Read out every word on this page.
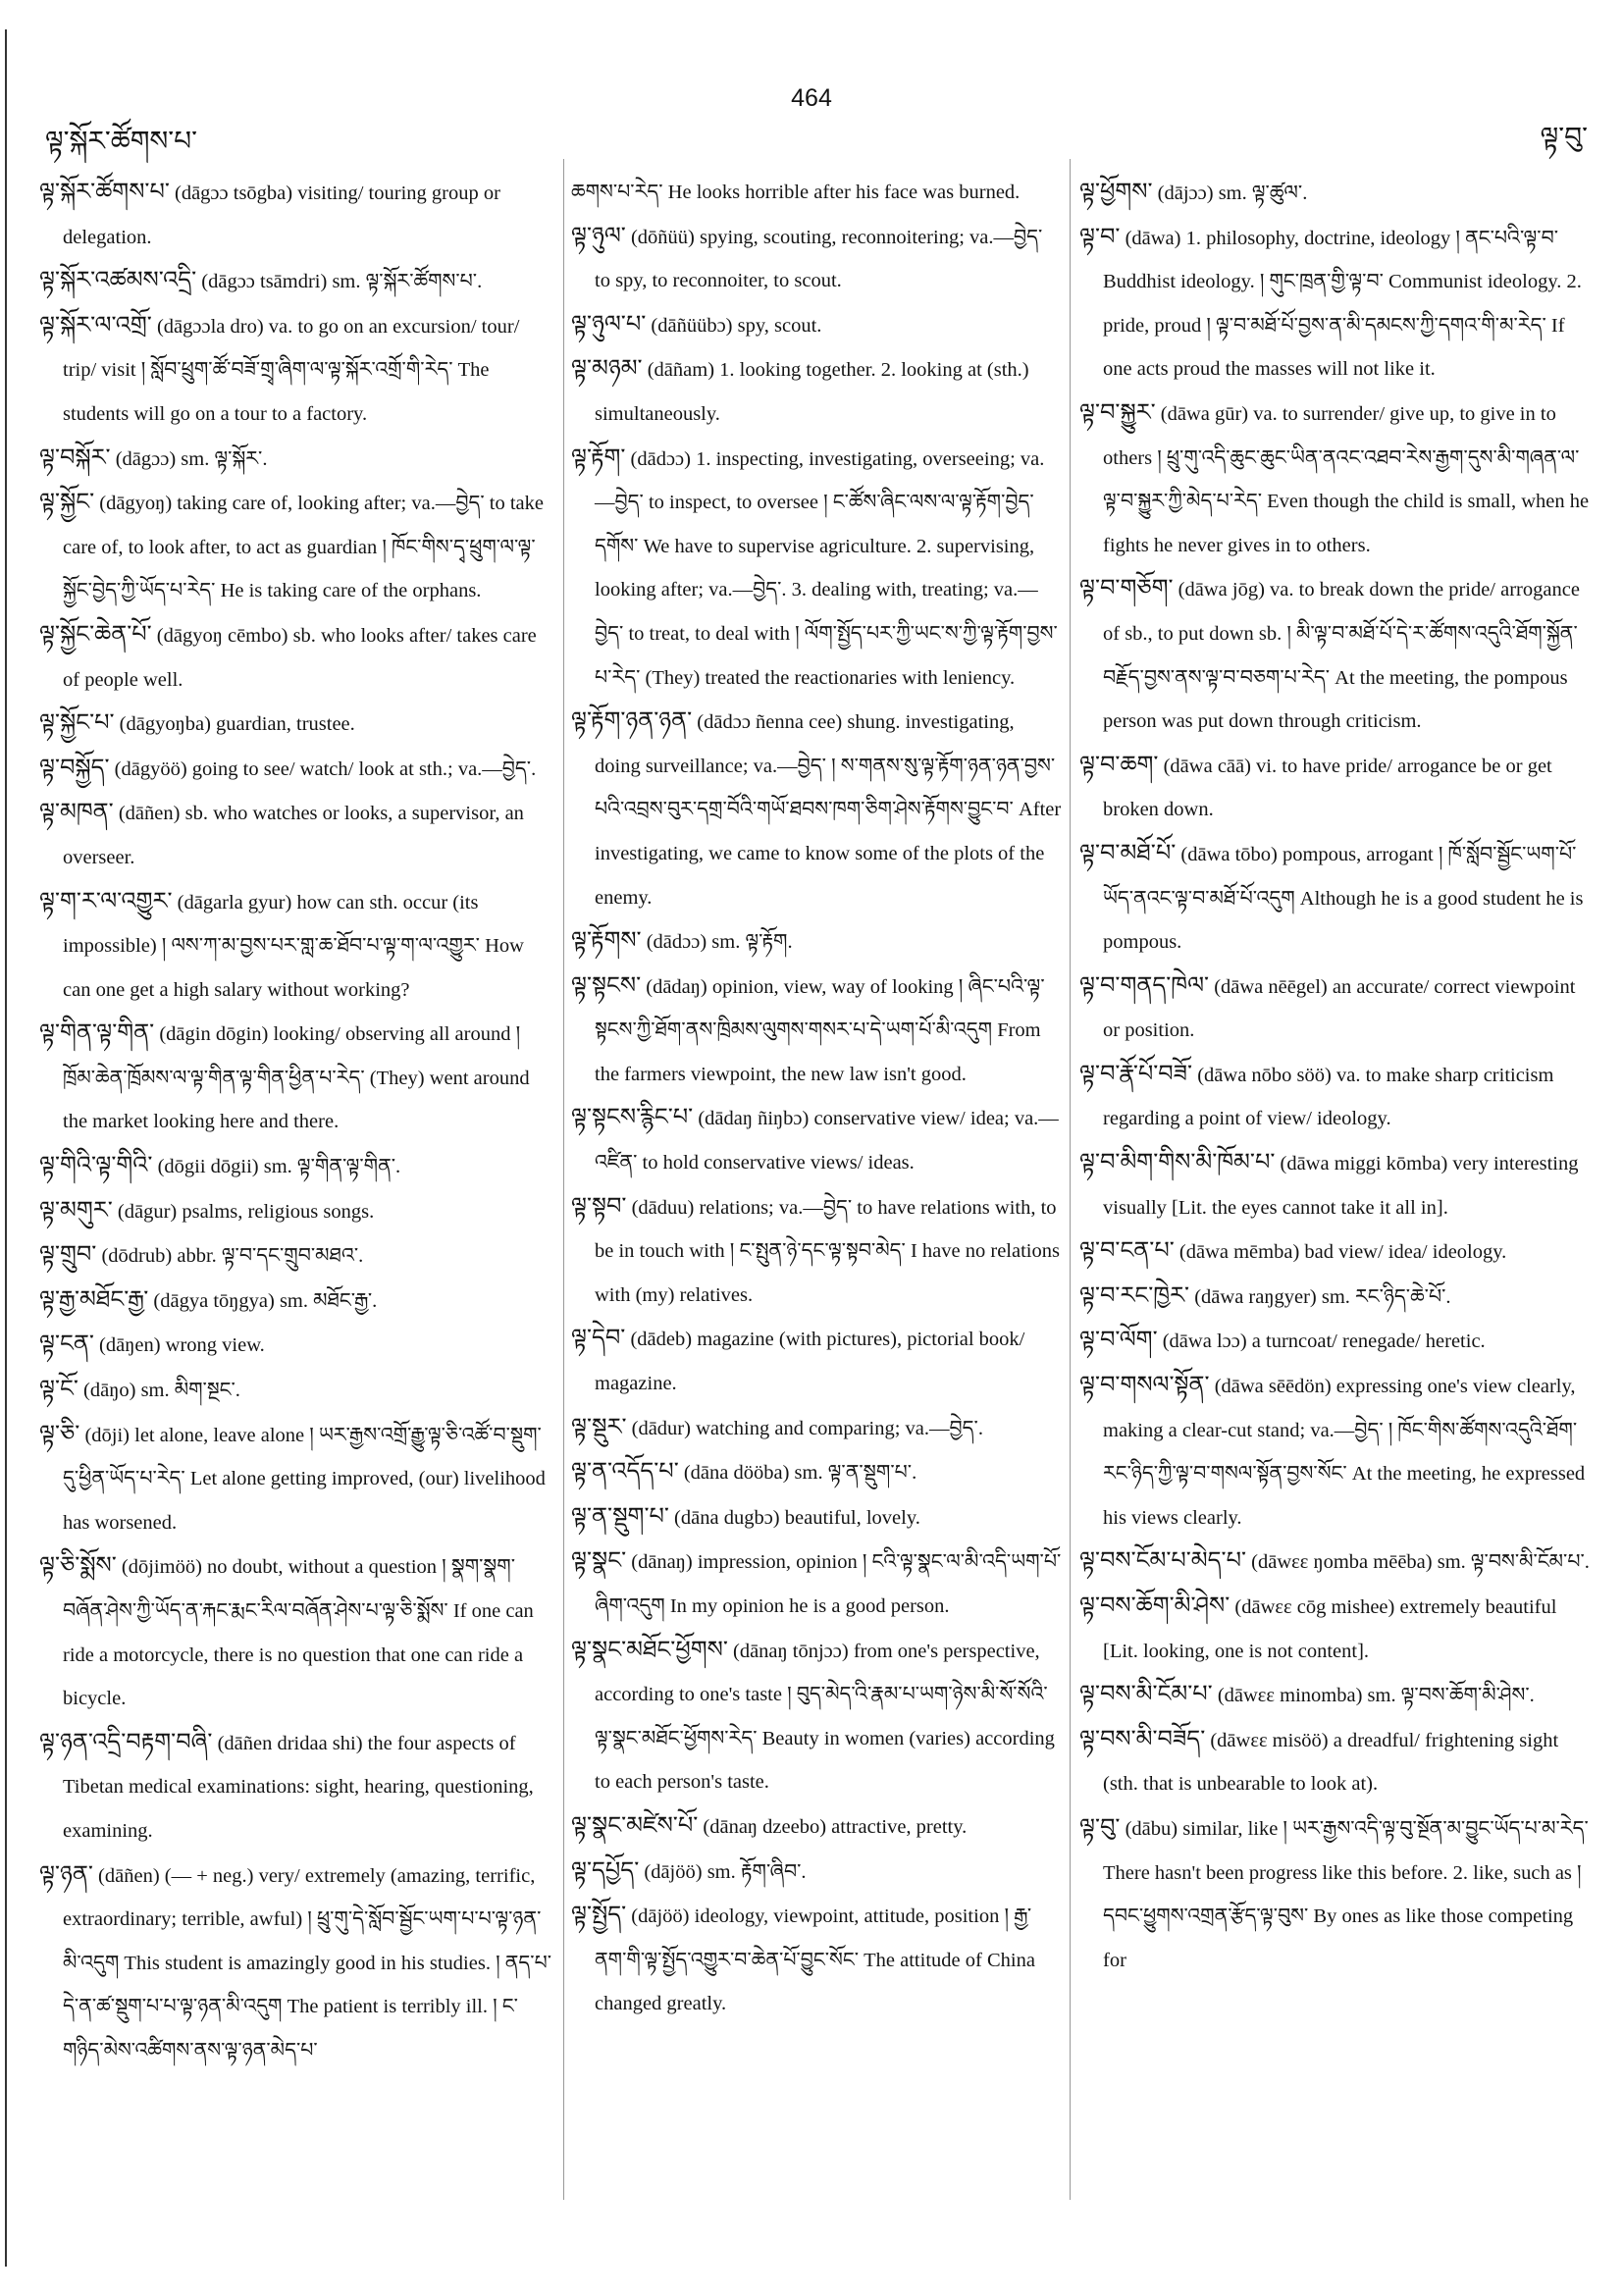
ལྟ་སྐོར་ཚོགས་པ་
464
ལྟ་བུ་

ལྟ་སྐོར་ཚོགས་པ་ (dāgɔɔ tsōgba) visiting/ touring group or delegation.

ལྟ་སྐོར་འཚམས་འདྲི་ (dāgɔɔ tsāmdri) sm. ལྟ་སྐོར་ཚོགས་པ་.

ལྟ་སྐོར་ལ་འགྲོ་ (dāgɔɔla dro) va. to go on an excursion/ tour/ trip/ visit ། སློབ་ཕྲུག་ཚོ་བཟོ་གྲྭ་ཞིག་ལ་ལྟ་སྐོར་འགྲོ་གི་རེད་ The students will go on a tour to a factory.

ལྟ་བསྐོར་ (dāgɔɔ) sm. ལྟ་སྐོར་.

ལྟ་སྐྱོང་ (dāgyoŋ) taking care of, looking after; va.—བྱེད་ to take care of, to look after, to act as guardian ། ཁོང་གིས་དྭ་ཕྲུག་ལ་ལྟ་སྐྱོང་བྱེད་ཀྱི་ཡོད་པ་རེད་ He is taking care of the orphans.

ལྟ་སྐྱོང་ཆེན་པོ་ (dāgyoŋ cēmbo) sb. who looks after/ takes care of people well.

ལྟ་སྐྱོང་པ་ (dāgyoŋba) guardian, trustee.

ལྟ་བསྐྱོད་ (dāgyöö) going to see/ watch/ look at sth.; va.—བྱེད་.

ལྟ་མཁན་ (dāñen) sb. who watches or looks, a supervisor, an overseer.

ལྟ་ག་ར་ལ་འགྱུར་ (dāgarla gyur) how can sth. occur (its impossible) ། ལས་ཀ་མ་བྱས་པར་གླ་ཆ་ཐོབ་པ་ལྟ་ག་ལ་འགྱུར་ How can one get a high salary without working?

ལྟ་གིན་ལྟ་གིན་ (dāgin dōgin) looking/ observing all around ། ཁྲོམ་ཆེན་ཁྲོམས་ལ་ལྟ་གིན་ལྟ་གིན་ཕྱིན་པ་རེད་ (They) went around the market looking here and there.

ལྟ་གིའི་ལྟ་གིའི་ (dōgii dōgii) sm. ལྟ་གིན་ལྟ་གིན་.

ལྟ་མགུར་ (dāgur) psalms, religious songs.

ལྟ་གྲུབ་ (dōdrub) abbr. ལྟ་བ་དང་གྲུབ་མཐའ་.

ལྟ་རྒྱ་མཐོང་རྒྱ་ (dāgya tōŋgya) sm. མཐོང་རྒྱ་.

ལྟ་ངན་ (dāŋen) wrong view.

ལྟ་ངོ་ (dāŋo) sm. མིག་སྔང་.

ལྟ་ཅི་ (dōji) let alone, leave alone ། ཡར་རྒྱས་འགྲོ་རྒྱུ་ལྟ་ཅི་འཚོ་བ་སྡུག་དུ་ཕྱིན་ཡོད་པ་རེད་ Let alone getting improved, (our) livelihood has worsened.

ལྟ་ཅི་སྨོས་ (dōjimöö) no doubt, without a question ། སྣག་སྣག་བཞོན་ཤེས་ཀྱི་ཡོད་ན་རྐང་རྨང་རིལ་བཞོན་ཤེས་པ་ལྟ་ཅི་སྨོས་ If one can ride a motorcycle, there is no question that one can ride a bicycle.

ལྟ་ཉན་འདྲི་བརྟག་བཞི་ (dāñen dridaa shi) the four aspects of Tibetan medical examinations: sight, hearing, questioning, examining.

ལྟ་ཉན་ (dāñen) (— + neg.) very/ extremely (amazing, terrific, extraordinary; terrible, awful) ། ཕྲུ་གུ་དེ་སློབ་སྦྱོང་ཡག་པ་པ་ལྟ་ཉན་མི་འདུག This student is amazingly good in his studies. ། ནད་པ་དེ་ན་ཚ་སྡུག་པ་པ་ལྟ་ཉན་མི་འདུག The patient is terribly ill. ། ང་གཉིད་མེས་འཚིགས་ནས་ལྟ་ཉན་མེད་པ་

ཆགས་པ་རེད་ He looks horrible after his face was burned.

ལྟ་ཉུལ་ (dōñüü) spying, scouting, reconnoitering; va.—བྱེད་ to spy, to reconnoiter, to scout.

ལྟ་ཉུལ་པ་ (dāñüübɔ) spy, scout.

ལྟ་མཉམ་ (dāñam) 1. looking together. 2. looking at (sth.) simultaneously.

ལྟ་རྟོག་ (dādɔɔ) 1. inspecting, investigating, overseeing; va.—བྱེད་ to inspect, to oversee ། ང་ཚོས་ཞིང་ལས་ལ་ལྟ་རྟོག་བྱེད་དགོས་ We have to supervise agriculture. 2. supervising, looking after; va.—བྱེད་. 3. dealing with, treating; va.—བྱེད་ to treat, to deal with ། ལོག་སྤྱོད་པར་ཀྱི་ཡང་ས་ཀྱི་ལྟ་རྟོག་བྱས་པ་རེད་ (They) treated the reactionaries with leniency.

ལྟ་རྟོག་ཉན་ཉན་ (dādɔɔ ñenna cee) shung. investigating, doing surveillance; va.—བྱེད་ ། ས་གནས་སུ་ལྟ་རྟོག་ཉན་ཉན་བྱས་པའི་འབྲས་བུར་དགྲ་བོའི་གཡོ་ཐབས་ཁག་ཅིག་ཤེས་རྟོགས་བྱུང་བ་ After investigating, we came to know some of the plots of the enemy.

ལྟ་རྟོགས་ (dādɔɔ) sm. ལྟ་རྟོག.

ལྟ་སྟངས་ (dādaŋ) opinion, view, way of looking ། ཞིང་པའི་ལྟ་སྟངས་ཀྱི་ཐོག་ནས་ཁྲིམས་ལུགས་གསར་པ་དེ་ཡག་པོ་མི་འདུག From the farmers viewpoint, the new law isn't good.

ལྟ་སྟངས་རྙིང་པ་ (dādaŋ ñiŋbɔ) conservative view/ idea; va.—འཛིན་ to hold conservative views/ ideas.

ལྟ་སྟབ་ (dāduu) relations; va.—བྱེད་ to have relations with, to be in touch with ། ང་སྤུན་ཉེ་དང་ལྟ་སྟབ་མེད་ I have no relations with (my) relatives.

ལྟ་དེབ་ (dādeb) magazine (with pictures), pictorial book/ magazine.

ལྟ་སྡུར་ (dādur) watching and comparing; va.—བྱེད་.

ལྟ་ན་འདོད་པ་ (dāna dööba) sm. ལྟ་ན་སྡུག་པ་.

ལྟ་ན་སྡུག་པ་ (dāna dugbɔ) beautiful, lovely.

ལྟ་སྣང་ (dānaŋ) impression, opinion ། ངའི་ལྟ་སྣང་ལ་མི་འདི་ཡག་པོ་ཞིག་འདུག In my opinion he is a good person.

ལྟ་སྣང་མཐོང་ཕྱོགས་ (dānaŋ tōnjɔɔ) from one's perspective, according to one's taste ། བུད་མེད་འི་རྣམ་པ་ཡག་ཉེས་མི་སོ་སོའི་ལྟ་སྣང་མཐོང་ཕྱོགས་རེད་ Beauty in women (varies) according to each person's taste.

ལྟ་སྣང་མཛེས་པོ་ (dānaŋ dzeebo) attractive, pretty.

ལྟ་དཔྱོད་ (dājöö) sm. རྟོག་ཞིབ་.

ལྟ་སྤྱོད་ (dājöö) ideology, viewpoint, attitude, position ། རྒྱ་ནག་གི་ལྟ་སྤྱོད་འགྱུར་བ་ཆེན་པོ་བྱུང་སོང་ The attitude of China changed greatly.

ལྟ་ཕྱོགས་ (dājɔɔ) sm. ལྟ་ཚུལ་.

ལྟ་བ་ (dāwa) 1. philosophy, doctrine, ideology ། ནང་པའི་ལྟ་བ་ Buddhist ideology. ། གུང་ཁྲན་གྱི་ལྟ་བ་ Communist ideology. 2. pride, proud ། ལྟ་བ་མཐོ་པོ་བྱས་ན་མི་དམངས་ཀྱི་དགའ་གི་མ་རེད་ If one acts proud the masses will not like it.

ལྟ་བ་སྐྱུར་ (dāwa gūr) va. to surrender/ give up, to give in to others ། ཕྲུ་གུ་འདི་ཆུང་ཆུང་ཡིན་ནའང་འཐབ་རེས་རྒྱག་དུས་མི་གཞན་ལ་ལྟ་བ་སྐྱུར་ཀྱི་མེད་པ་རེད་ Even though the child is small, when he fights he never gives in to others.

ལྟ་བ་གཅོག་ (dāwa jōg) va. to break down the pride/ arrogance of sb., to put down sb. ། མི་ལྟ་བ་མཐོ་པོ་དེ་ར་ཚོགས་འདུའི་ཐོག་སྐྱོན་བརྗོད་བྱས་ནས་ལྟ་བ་བཅག་པ་རེད་ At the meeting, the pompous person was put down through criticism.

ལྟ་བ་ཆག་ (dāwa cāā) vi. to have pride/ arrogance be or get broken down.

ལྟ་བ་མཐོ་པོ་ (dāwa tōbo) pompous, arrogant ། ཁོ་སློབ་སྦྱོང་ཡག་པོ་ཡོད་ནའང་ལྟ་བ་མཐོ་པོ་འདུག Although he is a good student he is pompous.

ལྟ་བ་གནད་ཁེལ་ (dāwa nēēgel) an accurate/ correct viewpoint or position.

ལྟ་བ་རྣོ་པོ་བཟོ་ (dāwa nōbo söö) va. to make sharp criticism regarding a point of view/ ideology.

ལྟ་བ་མིག་གིས་མི་ཁོམ་པ་ (dāwa miggi kōmba) very interesting visually [Lit. the eyes cannot take it all in].

ལྟ་བ་ངན་པ་ (dāwa mēmba) bad view/ idea/ ideology.

ལྟ་བ་རང་ཁྱེར་ (dāwa raŋgyer) sm. རང་ཉིད་ཆེ་པོ་.

ལྟ་བ་ལོག་ (dāwa lɔɔ) a turncoat/ renegade/ heretic.

ལྟ་བ་གསལ་སྟོན་ (dāwa sēēdön) expressing one's view clearly, making a clear-cut stand; va.—བྱེད་ ། ཁོང་གིས་ཚོགས་འདུའི་ཐོག་རང་ཉིད་ཀྱི་ལྟ་བ་གསལ་སྟོན་བྱས་སོང་ At the meeting, he expressed his views clearly.

ལྟ་བས་ངོམ་པ་མེད་པ་ (dāwεε ŋomba mēēba) sm. ལྟ་བས་མི་ངོམ་པ་.

ལྟ་བས་ཆོག་མི་ཤེས་ (dāwεε cōg mishee) extremely beautiful [Lit. looking, one is not content].

ལྟ་བས་མི་ངོམ་པ་ (dāwεε minomba) sm. ལྟ་བས་ཆོག་མི་ཤེས་.

ལྟ་བས་མི་བཟོད་ (dāwεε misöö) a dreadful/ frightening sight (sth. that is unbearable to look at).

ལྟ་བུ་ (dābu) similar, like ། ཡར་རྒྱས་འདི་ལྟ་བུ་སྔོན་མ་བྱུང་ཡོད་པ་མ་རེད་ There hasn't been progress like this before. 2. like, such as ། དབང་ཕྱུགས་འགྲན་རྩོད་ལྟ་བུས་ By ones as like those competing for
